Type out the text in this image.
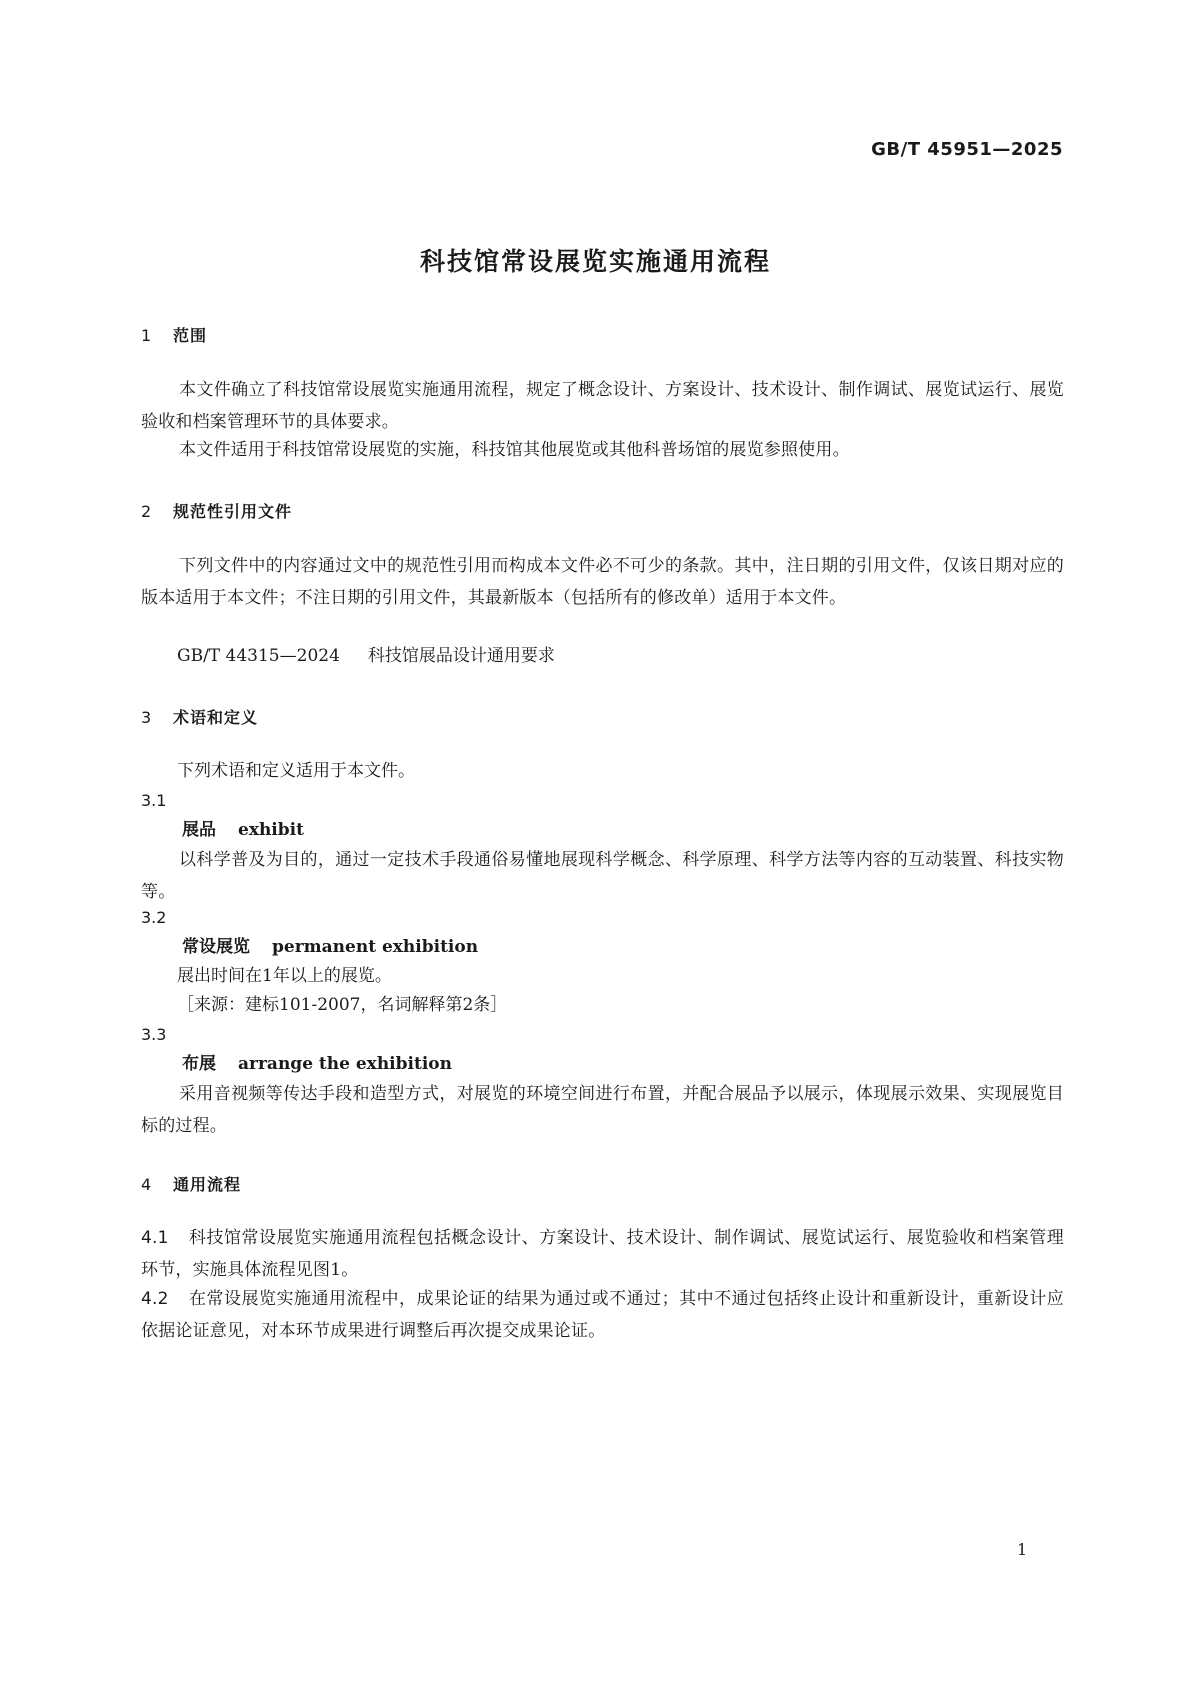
GB/T 45951—2025
科技馆常设展览实施通用流程
1 范围
本文件确立了科技馆常设展览实施通用流程，规定了概念设计、方案设计、技术设计、制作调试、展览试运行、展览验收和档案管理环节的具体要求。
本文件适用于科技馆常设展览的实施，科技馆其他展览或其他科普场馆的展览参照使用。
2 规范性引用文件
下列文件中的内容通过文中的规范性引用而构成本文件必不可少的条款。其中，注日期的引用文件，仅该日期对应的版本适用于本文件；不注日期的引用文件，其最新版本（包括所有的修改单）适用于本文件。
GB/T 44315—2024 科技馆展品设计通用要求
3 术语和定义
下列术语和定义适用于本文件。
3.1
展品 exhibit
以科学普及为目的，通过一定技术手段通俗易懂地展现科学概念、科学原理、科学方法等内容的互动装置、科技实物等。
3.2
常设展览 permanent exhibition
展出时间在1年以上的展览。
［来源：建标101-2007，名词解释第2条］
3.3
布展 arrange the exhibition
采用音视频等传达手段和造型方式，对展览的环境空间进行布置，并配合展品予以展示，体现展示效果、实现展览目标的过程。
4 通用流程
4.1 科技馆常设展览实施通用流程包括概念设计、方案设计、技术设计、制作调试、展览试运行、展览验收和档案管理环节，实施具体流程见图1。
4.2 在常设展览实施通用流程中，成果论证的结果为通过或不通过；其中不通过包括终止设计和重新设计，重新设计应依据论证意见，对本环节成果进行调整后再次提交成果论证。
1
